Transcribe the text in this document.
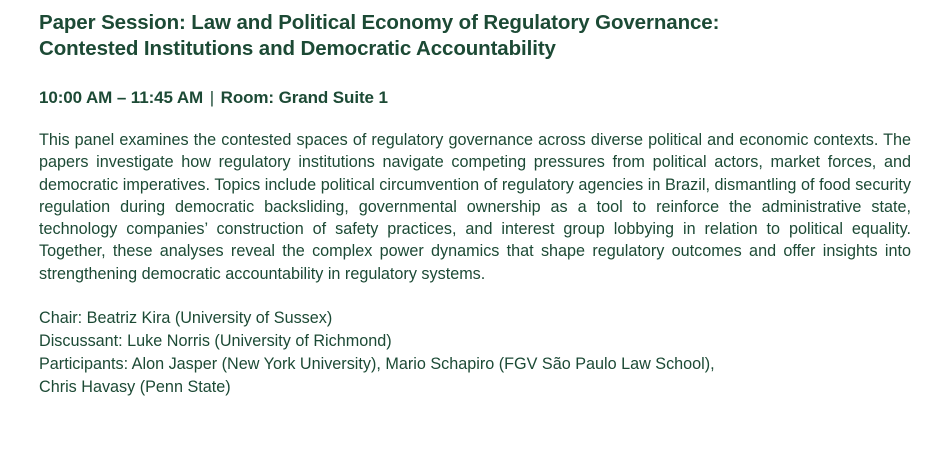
Paper Session: Law and Political Economy of Regulatory Governance:
Contested Institutions and Democratic Accountability
10:00 AM – 11:45 AM | Room: Grand Suite 1

This panel examines the contested spaces of regulatory governance across diverse political and economic contexts. The papers investigate how regulatory institutions navigate competing pressures from political actors, market forces, and democratic imperatives. Topics include political circumvention of regulatory agencies in Brazil, dismantling of food security regulation during democratic backsliding, governmental ownership as a tool to reinforce the administrative state, technology companies’ construction of safety practices, and interest group lobbying in relation to political equality. Together, these analyses reveal the complex power dynamics that shape regulatory outcomes and offer insights into strengthening democratic accountability in regulatory systems.

Chair: Beatriz Kira (University of Sussex)
Discussant: Luke Norris (University of Richmond)
Participants: Alon Jasper (New York University), Mario Schapiro (FGV São Paulo Law School),
Chris Havasy (Penn State)
